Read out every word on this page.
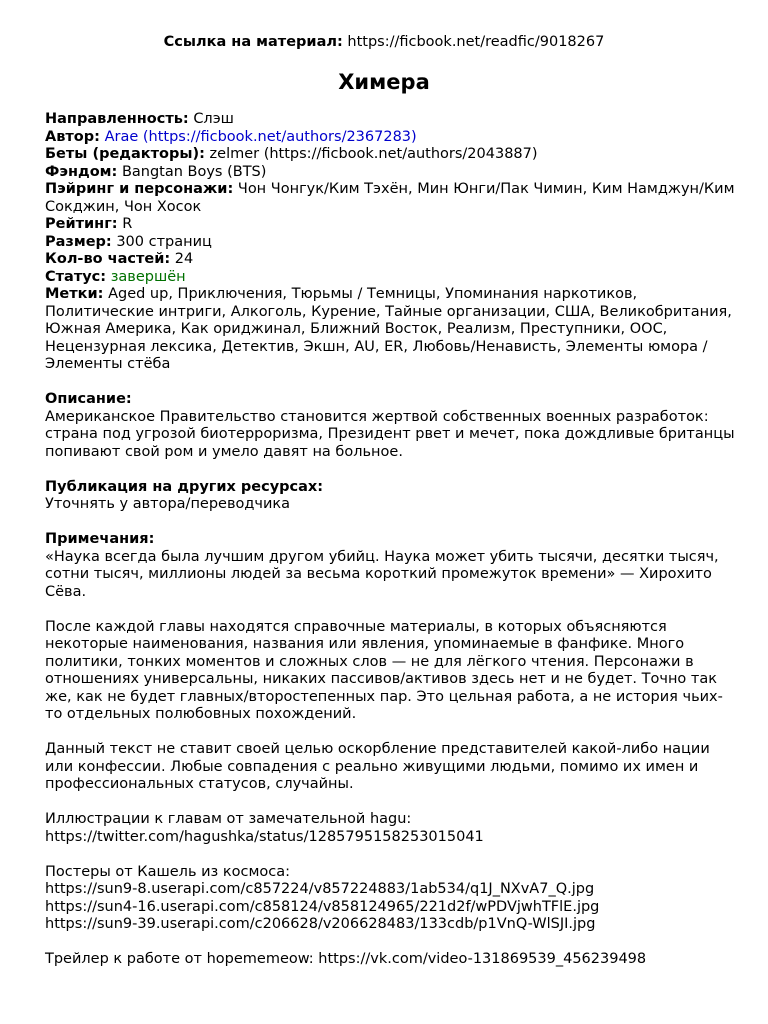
Ссылка на материал: https://ficbook.net/readfic/9018267
Химера

Направленность: Слэш

Автор: Arae (https://ficbook.net/authors/2367283)

Беты (редакторы): zelmer (https://ficbook.net/authors/2043887)

Фэндом: Bangtan Boys (BTS)

Пэйринг и персонажи: Чон Чонгук/Ким Тэхён, Мин Юнги/Пак Чимин, Ким Намджун/Ким Сокджин, Чон Хосок

Рейтинг: R

Размер: 300 страниц

Кол-во частей: 24

Статус: завершён

Метки: Aged up, Приключения, Тюрьмы / Темницы, Упоминания наркотиков, Политические интриги, Алкоголь, Курение, Тайные организации, США, Великобритания, Южная Америка, Как ориджинал, Ближний Восток, Реализм, Преступники, ООС, Нецензурная лексика, Детектив, Экшн, AU, ER, Любовь/Ненависть, Элементы юмора / Элементы стёба

Описание:

Американское Правительство становится жертвой собственных военных разработок: страна под угрозой биотерроризма, Президент рвет и мечет, пока дождливые британцы попивают свой ром и умело давят на больное.

Публикация на других ресурсах:

Уточнять у автора/переводчика

Примечания:

«Наука всегда была лучшим другом убийц. Наука может убить тысячи, десятки тысяч, сотни тысяч, миллионы людей за весьма короткий промежуток времени» — Хирохито Сёва.

После каждой главы находятся справочные материалы, в которых объясняются некоторые наименования, названия или явления, упоминаемые в фанфике. Много политики, тонких моментов и сложных слов — не для лёгкого чтения. Персонажи в отношениях универсальны, никаких пассивов/активов здесь нет и не будет. Точно так же, как не будет главных/второстепенных пар. Это цельная работа, а не история чьих-то отдельных полюбовных похождений.

Данный текст не ставит своей целью оскорбление представителей какой-либо нации или конфессии. Любые совпадения с реально живущими людьми, помимо их имен и профессиональных статусов, случайны.

Иллюстрации к главам от замечательной hagu:

https://twitter.com/hagushka/status/1285795158253015041

Постеры от Кашель из космоса:

https://sun9-8.userapi.com/c857224/v857224883/1ab534/q1J_NXvA7_Q.jpg

https://sun4-16.userapi.com/c858124/v858124965/221d2f/wPDVjwhTFlE.jpg

https://sun9-39.userapi.com/c206628/v206628483/133cdb/p1VnQ-WlSJI.jpg

Трейлер к работе от hopememeow: https://vk.com/video-131869539_456239498
